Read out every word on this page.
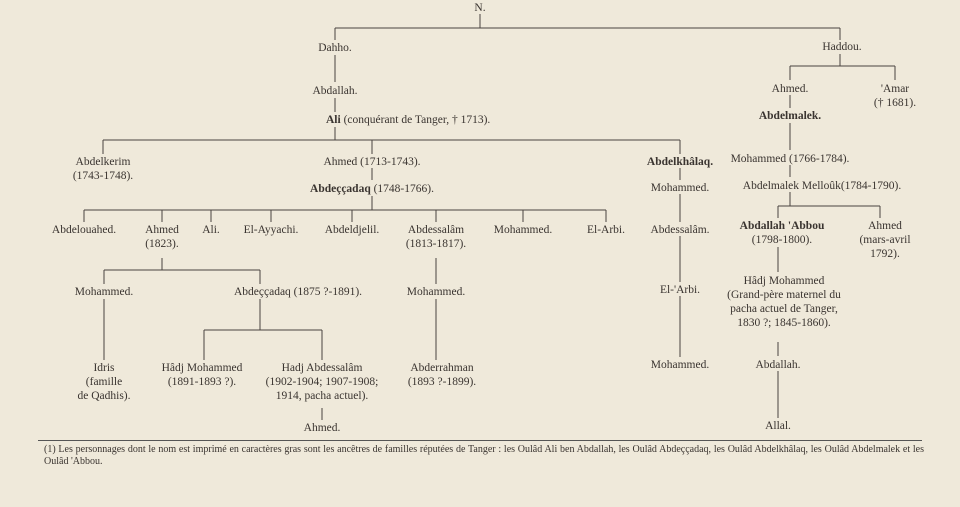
N.
Dahho.	Haddou.
Abdallah.
Ali (conquérant de Tanger, † 1713).
Abdelkerim
(1743-1748).
Ahmed (1713-1743).
Abdeççadaq (1748-1766).
Abdelkhâlaq.
Mohammed.
Abdessalâm.
El-'Arbi.
Mohammed.
Ahmed.	'Amar
(† 1681).
Abdelmalek.
Mohammed (1766-1784).
Abdelmalek Melloûk(1784-1790).
Abdallah 'Abbou
(1798-1800).
Ahmed
(mars-avril
1792).
Hâdj Mohammed
(Grand-père maternel du
pacha actuel de Tanger,
1830 ?; 1845-1860).
Abdallah.
Allal.
Abdelouahed.	Ahmed
(1823).
Ali. El-Ayyachi. Abdeldjelil. Abdessalâm
(1813-1817).
Mohammed.	El-Arbi.
Mohammed.	Abdeççadaq (1875 ?-1891).	Mohammed.
Idris
(famille
de Qadhis).
Hâdj Mohammed
(1891-1893 ?).
Hadj Abdessalâm
(1902-1904; 1907-1908;
1914, pacha actuel).
Ahmed.
Abderrahman
(1893 ?-1899).
(1) Les personnages dont le nom est imprimé en caractères gras sont les ancêtres de familles réputées de Tanger : les Oulâd Ali ben Abdallah, les Oulâd Abdeççadaq, les Oulâd Abdelkhâlaq, les Oulâd Abdelmalek et les Oulâd 'Abbou.
